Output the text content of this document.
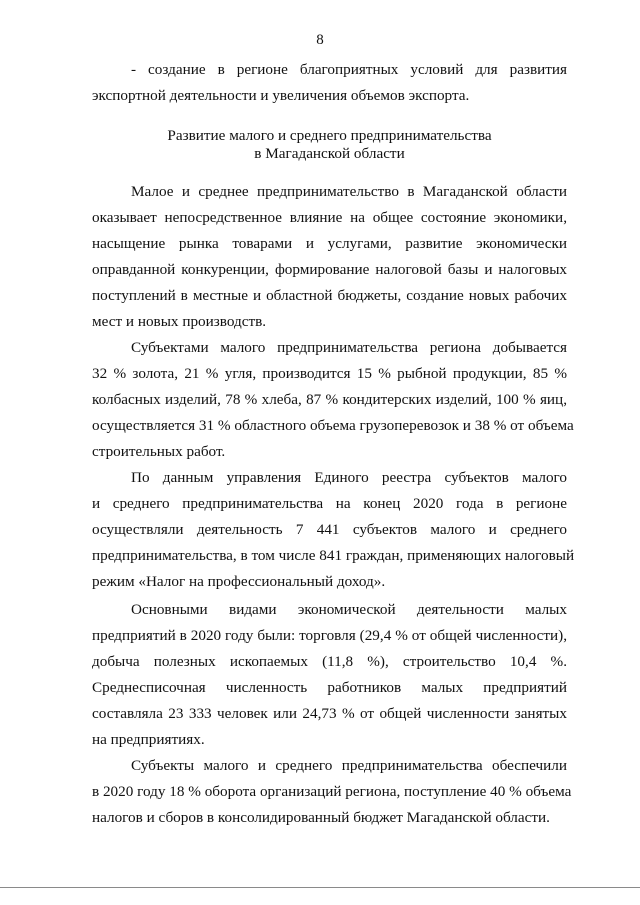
8
- создание в регионе благоприятных условий для развития
экспортной деятельности и увеличения объемов экспорта.
Развитие малого и среднего предпринимательства
в Магаданской области
Малое и среднее предпринимательство в Магаданской области
оказывает непосредственное влияние на общее состояние экономики,
насыщение рынка товарами и услугами, развитие экономически
оправданной конкуренции, формирование налоговой базы и налоговых
поступлений в местные и областной бюджеты, создание новых рабочих
мест и новых производств.
Субъектами малого предпринимательства региона добывается
32 % золота, 21 % угля, производится 15 % рыбной продукции, 85 %
колбасных изделий, 78 % хлеба, 87 % кондитерских изделий, 100 % яиц,
осуществляется 31 % областного объема грузоперевозок и 38 % от объема
строительных работ.
По данным управления Единого реестра субъектов малого
и среднего предпринимательства на конец 2020 года в регионе
осуществляли деятельность 7 441 субъектов малого и среднего
предпринимательства, в том числе 841 граждан, применяющих налоговый
режим «Налог на профессиональный доход».
Основными видами экономической деятельности малых
предприятий в 2020 году были: торговля (29,4 % от общей численности),
добыча полезных ископаемых (11,8 %), строительство 10,4 %.
Среднесписочная численность работников малых предприятий
составляла 23 333 человек или 24,73 % от общей численности занятых
на предприятиях.
Субъекты малого и среднего предпринимательства обеспечили
в 2020 году 18 % оборота организаций региона, поступление 40 % объема
налогов и сборов в консолидированный бюджет Магаданской области.
